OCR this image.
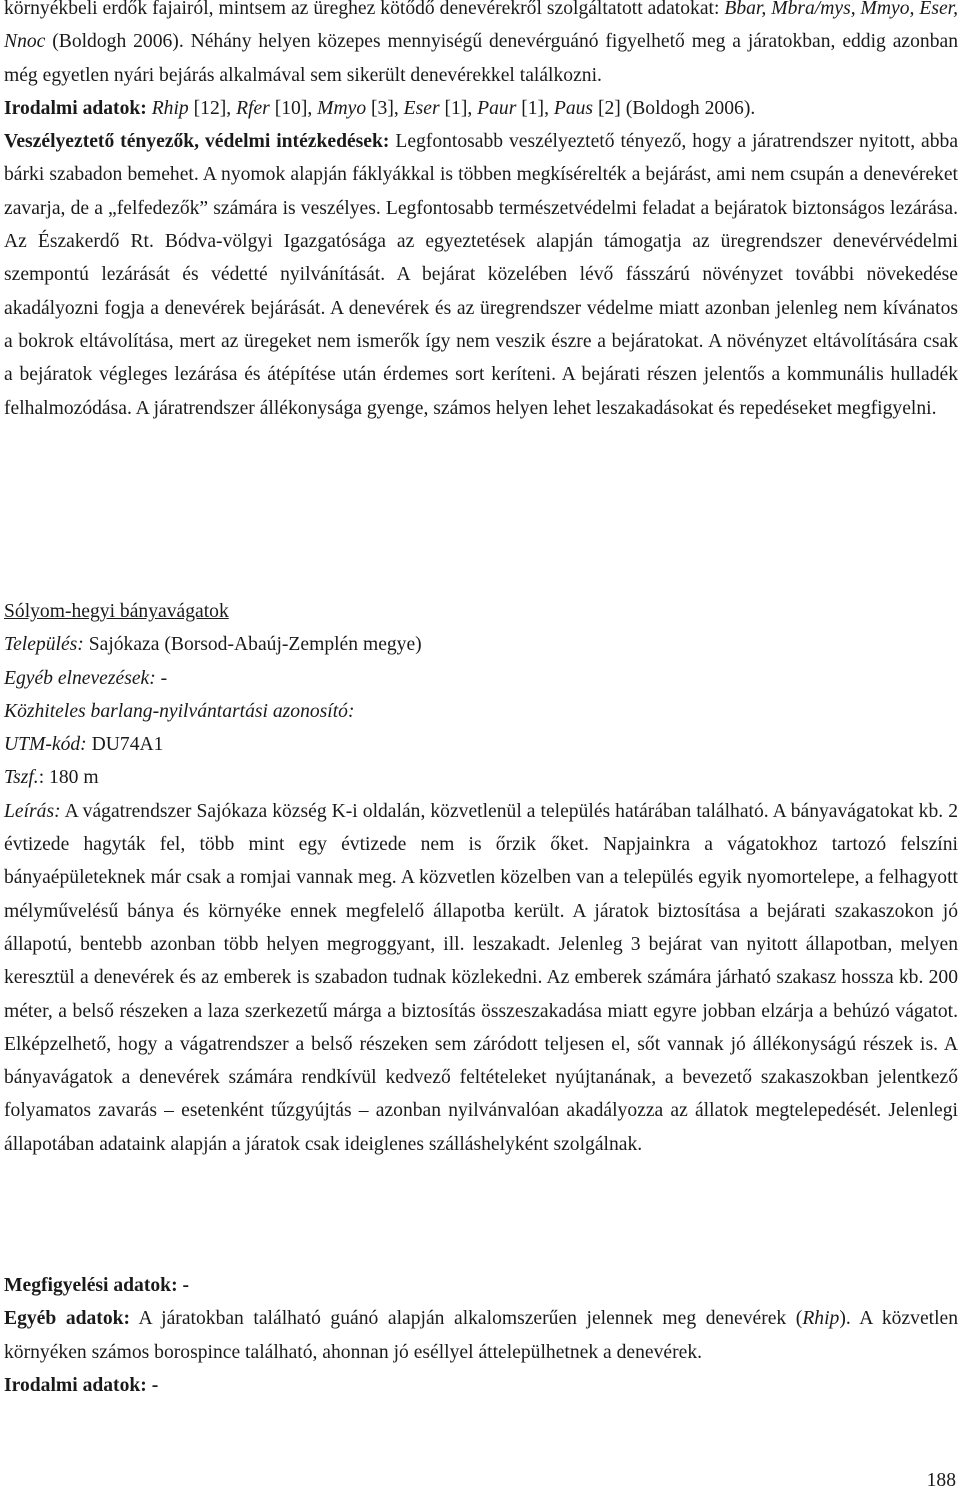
környékbeli erdők fajairól, mintsem az üreghez kötődő denevérekről szolgáltatott adatokat: Bbar, Mbra/mys, Mmyo, Eser, Nnoc (Boldogh 2006). Néhány helyen közepes mennyiségű denevérguánó figyelhető meg a járatokban, eddig azonban még egyetlen nyári bejárás alkalmával sem sikerült denevérekkel találkozni.

Irodalmi adatok: Rhip [12], Rfer [10], Mmyo [3], Eser [1], Paur [1], Paus [2] (Boldogh 2006).

Veszélyeztető tényezők, védelmi intézkedések: Legfontosabb veszélyeztető tényező, hogy a járatrendszer nyitott, abba bárki szabadon bemehet. A nyomok alapján fáklyákkal is többen megkísérelték a bejárást, ami nem csupán a denevéreket zavarja, de a „felfedezők” számára is veszélyes. Legfontosabb természetvédelmi feladat a bejáratok biztonságos lezárása. Az Északerdő Rt. Bódva-völgyi Igazgatósága az egyeztetések alapján támogatja az üregrendszer denevérvédelmi szempontú lezárását és védetté nyilvánítását. A bejárat közelében lévő fásszárú növényzet további növekedése akadályozni fogja a denevérek bejárását. A denevérek és az üregrendszer védelme miatt azonban jelenleg nem kívánatos a bokrok eltávolítása, mert az üregeket nem ismerők így nem veszik észre a bejáratokat. A növényzet eltávolítására csak a bejáratok végleges lezárása és átépítése után érdemes sort keríteni. A bejárati részen jelentős a kommunális hulladék felhalmozódása. A járatrendszer állékonysága gyenge, számos helyen lehet leszakadásokat és repedéseket megfigyelni.

Sólyom-hegyi bányavágatok

Település: Sajókaza (Borsod-Abaúj-Zemplén megye)

Egyéb elnevezések: -

Közhiteles barlang-nyilvántartási azonosító:

UTM-kód: DU74A1

Tszf.: 180 m

Leírás: A vágatrendszer Sajókaza község K-i oldalán, közvetlenül a település határában található. A bányavágatokat kb. 2 évtizede hagyták fel, több mint egy évtizede nem is őrzik őket. Napjainkra a vágatokhoz tartozó felszíni bányaépületeknek már csak a romjai vannak meg. A közvetlen közelben van a település egyik nyomortelepe, a felhagyott mélyművelésű bánya és környéke ennek megfelelő állapotba került. A járatok biztosítása a bejárati szakaszokon jó állapotú, bentebb azonban több helyen megroggyant, ill. leszakadt. Jelenleg 3 bejárat van nyitott állapotban, melyen keresztül a denevérek és az emberek is szabadon tudnak közlekedni. Az emberek számára járható szakasz hossza kb. 200 méter, a belső részeken a laza szerkezetű márga a biztosítás összeszakadása miatt egyre jobban elzárja a behúzó vágatot. Elképzelhető, hogy a vágatrendszer a belső részeken sem záródott teljesen el, sőt vannak jó állékonyságú részek is. A bányavágatok a denevérek számára rendkívül kedvező feltételeket nyújtanának, a bevezető szakaszokban jelentkező folyamatos zavarás – esetenként tűzgyújtás – azonban nyilvánvalóan akadályozza az állatok megtelepedését. Jelenlegi állapotában adataink alapján a járatok csak ideiglenes szálláshelyként szolgálnak.

Megfigyelési adatok: -

Egyéb adatok: A járatokban található guánó alapján alkalomszerűen jelennek meg denevérek (Rhip). A közvetlen környéken számos borospince található, ahonnan jó eséllyel áttelepülhetnek a denevérek.

Irodalmi adatok: -

188
